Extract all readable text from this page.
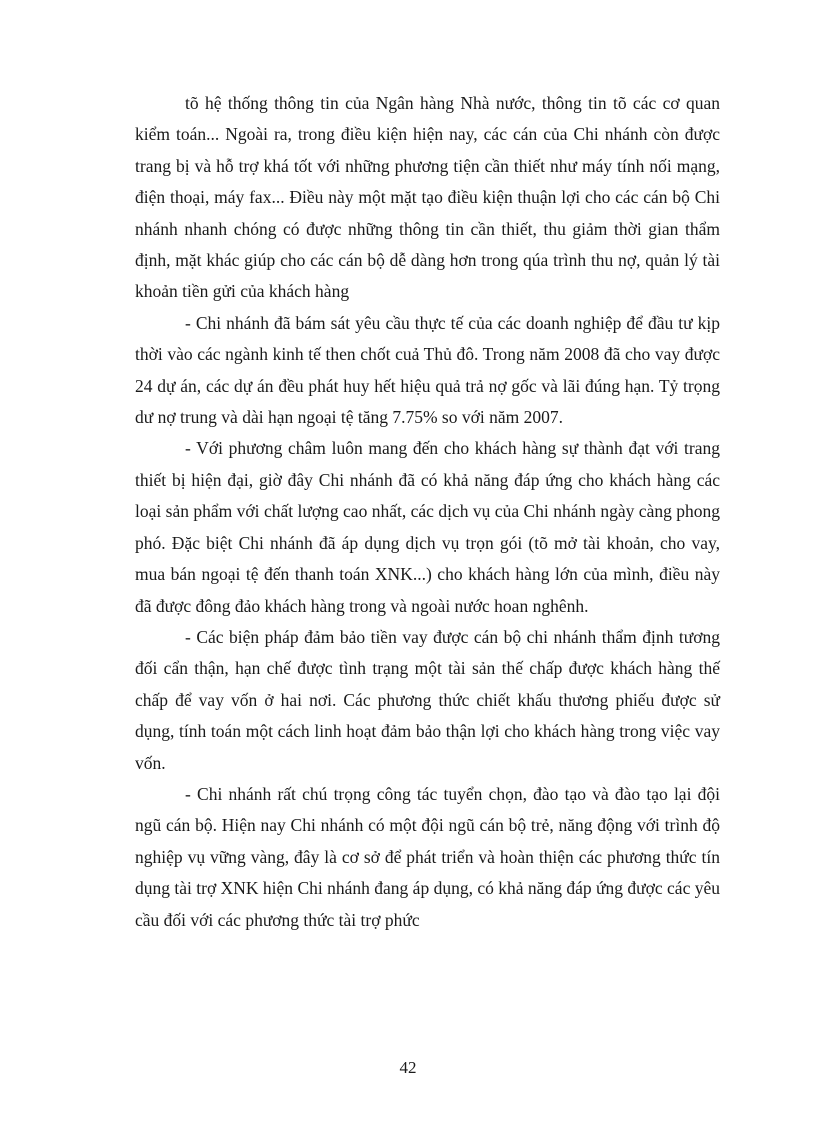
tõ hệ thống thông tin của Ngân hàng Nhà nước, thông tin tõ các cơ quan kiểm toán... Ngoài ra, trong điều kiện hiện nay, các cán của Chi nhánh còn được trang bị và hỗ trợ khá tốt với những phương tiện cần thiết như máy tính nối mạng, điện thoại, máy fax... Điều này một mặt tạo điều kiện thuận lợi cho các cán bộ Chi nhánh nhanh chóng có được những thông tin cần thiết, thu giảm thời gian thẩm định, mặt khác giúp cho các cán bộ dễ dàng hơn trong qúa trình thu nợ, quản lý tài khoản tiền gửi của khách hàng

- Chi nhánh đã bám sát yêu cầu thực tế của các doanh nghiệp để đầu tư kịp thời vào các ngành kinh tế then chốt cuả Thủ đô. Trong năm 2008 đã cho vay được 24 dự án, các dự án đều phát huy hết hiệu quả trả nợ gốc và lãi đúng hạn. Tỷ trọng dư nợ trung và dài hạn ngoại tệ tăng 7.75% so với năm 2007.

- Với phương châm luôn mang đến cho khách hàng sự thành đạt với trang thiết bị hiện đại, giờ đây Chi nhánh đã có khả năng đáp ứng cho khách hàng các loại sản phẩm với chất lượng cao nhất, các dịch vụ của Chi nhánh ngày càng phong phó. Đặc biệt Chi nhánh đã áp dụng dịch vụ trọn gói (tõ mở tài khoản, cho vay, mua bán ngoại tệ đến thanh toán XNK...) cho khách hàng lớn của mình, điều này đã được đông đảo khách hàng trong và ngoài nước hoan nghênh.

- Các biện pháp đảm bảo tiền vay được cán bộ chi nhánh thẩm định tương đối cẩn thận, hạn chế được tình trạng một tài sản thế chấp được khách hàng thế chấp để vay vốn ở hai nơi. Các phương thức chiết khấu thương phiếu được sử dụng, tính toán một cách linh hoạt đảm bảo thận lợi cho khách hàng trong việc vay vốn.

- Chi nhánh rất chú trọng công tác tuyển chọn, đào tạo và đào tạo lại đội ngũ cán bộ. Hiện nay Chi nhánh có một đội ngũ cán bộ trẻ, năng động với trình độ nghiệp vụ vững vàng, đây là cơ sở để phát triển và hoàn thiện các phương thức tín dụng tài trợ XNK hiện Chi nhánh đang áp dụng, có khả năng đáp ứng được các yêu cầu đối với các phương thức tài trợ phức

42
